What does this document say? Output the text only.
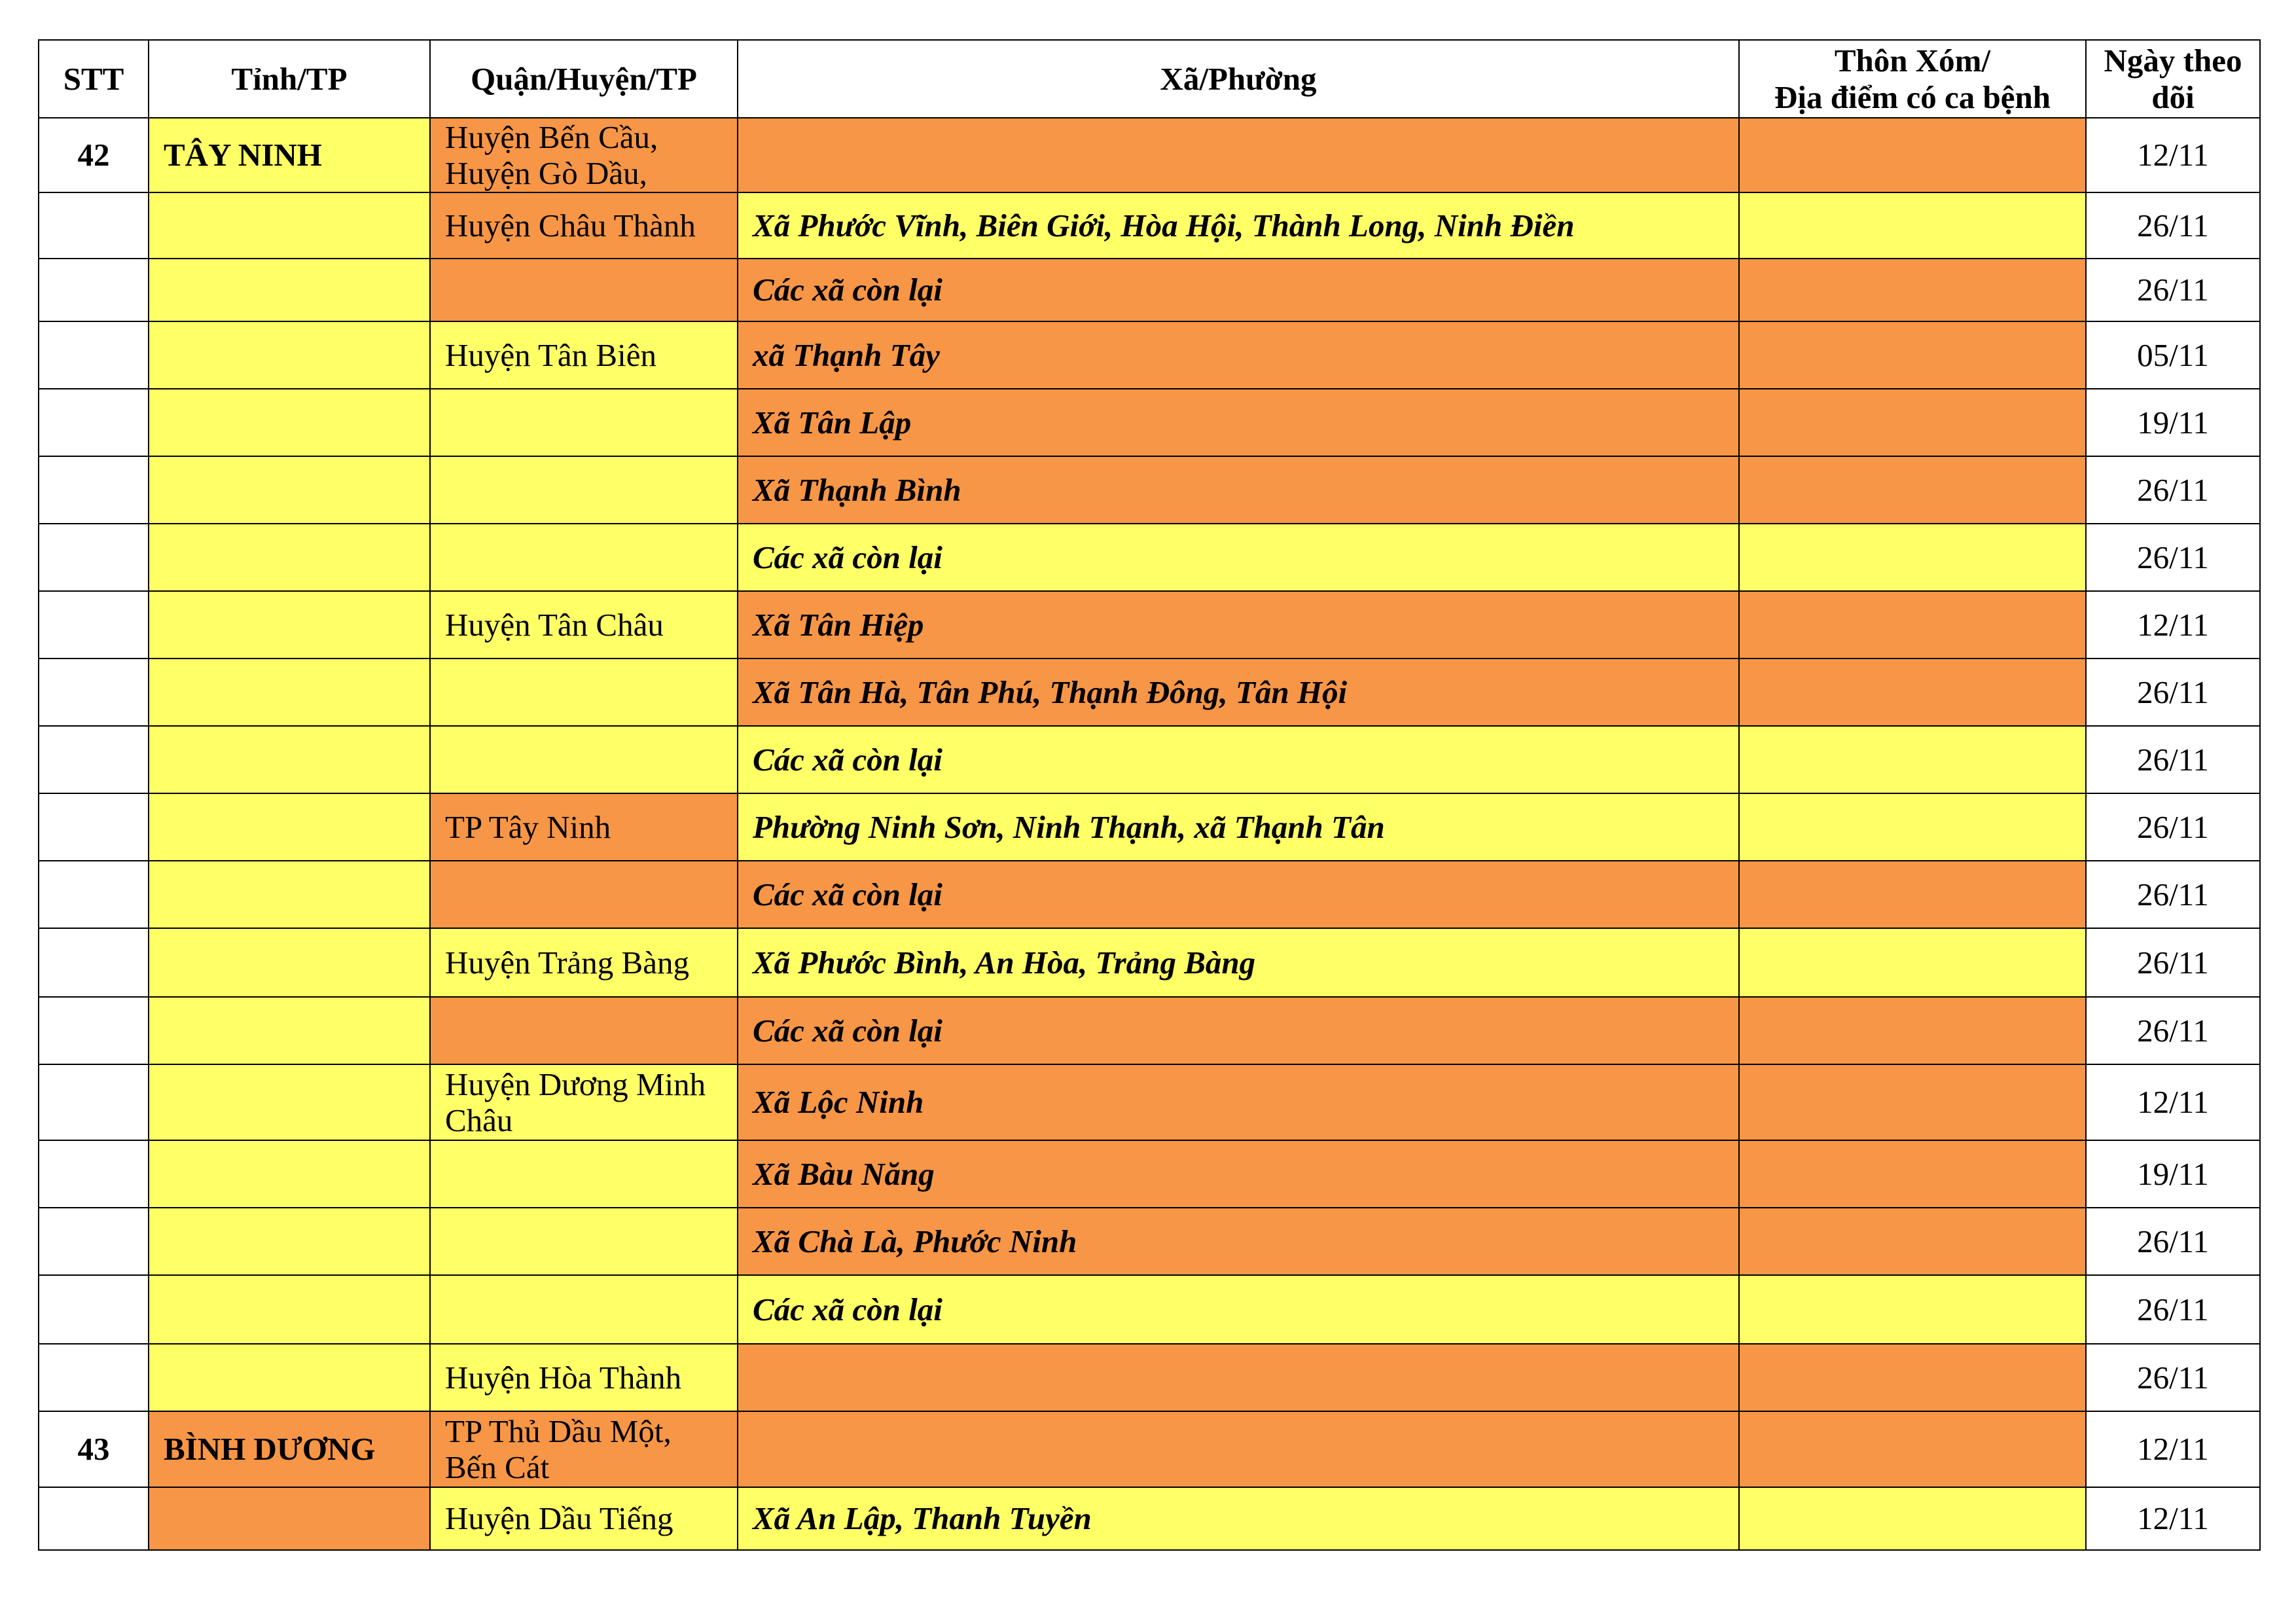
STT	Tỉnh/TP	Quận/Huyện/TP	Xã/Phường	Thôn Xóm/
Địa điểm có ca bệnh	Ngày theo dõi
42	TÂY NINH	Huyện Bến Cầu,
Huyện Gò Dầu,			12/11
		Huyện Châu Thành	Xã Phước Vĩnh, Biên Giới, Hòa Hội, Thành Long, Ninh Điền		26/11
			Các xã còn lại		26/11
		Huyện Tân Biên	xã Thạnh Tây		05/11
			Xã Tân Lập		19/11
			Xã Thạnh Bình		26/11
			Các xã còn lại		26/11
		Huyện Tân Châu	Xã Tân Hiệp		12/11
			Xã Tân Hà, Tân Phú, Thạnh Đông, Tân Hội		26/11
			Các xã còn lại		26/11
		TP Tây Ninh	Phường Ninh Sơn, Ninh Thạnh, xã Thạnh Tân		26/11
			Các xã còn lại		26/11
		Huyện Trảng Bàng	Xã Phước Bình, An Hòa, Trảng Bàng		26/11
			Các xã còn lại		26/11
		Huyện Dương Minh
Châu	Xã Lộc Ninh		12/11
			Xã Bàu Năng		19/11
			Xã Chà Là, Phước Ninh		26/11
			Các xã còn lại		26/11
		Huyện Hòa Thành			26/11
43	BÌNH DƯƠNG	TP Thủ Dầu Một,
Bến Cát			12/11
		Huyện Dầu Tiếng	Xã An Lập, Thanh Tuyền		12/11
